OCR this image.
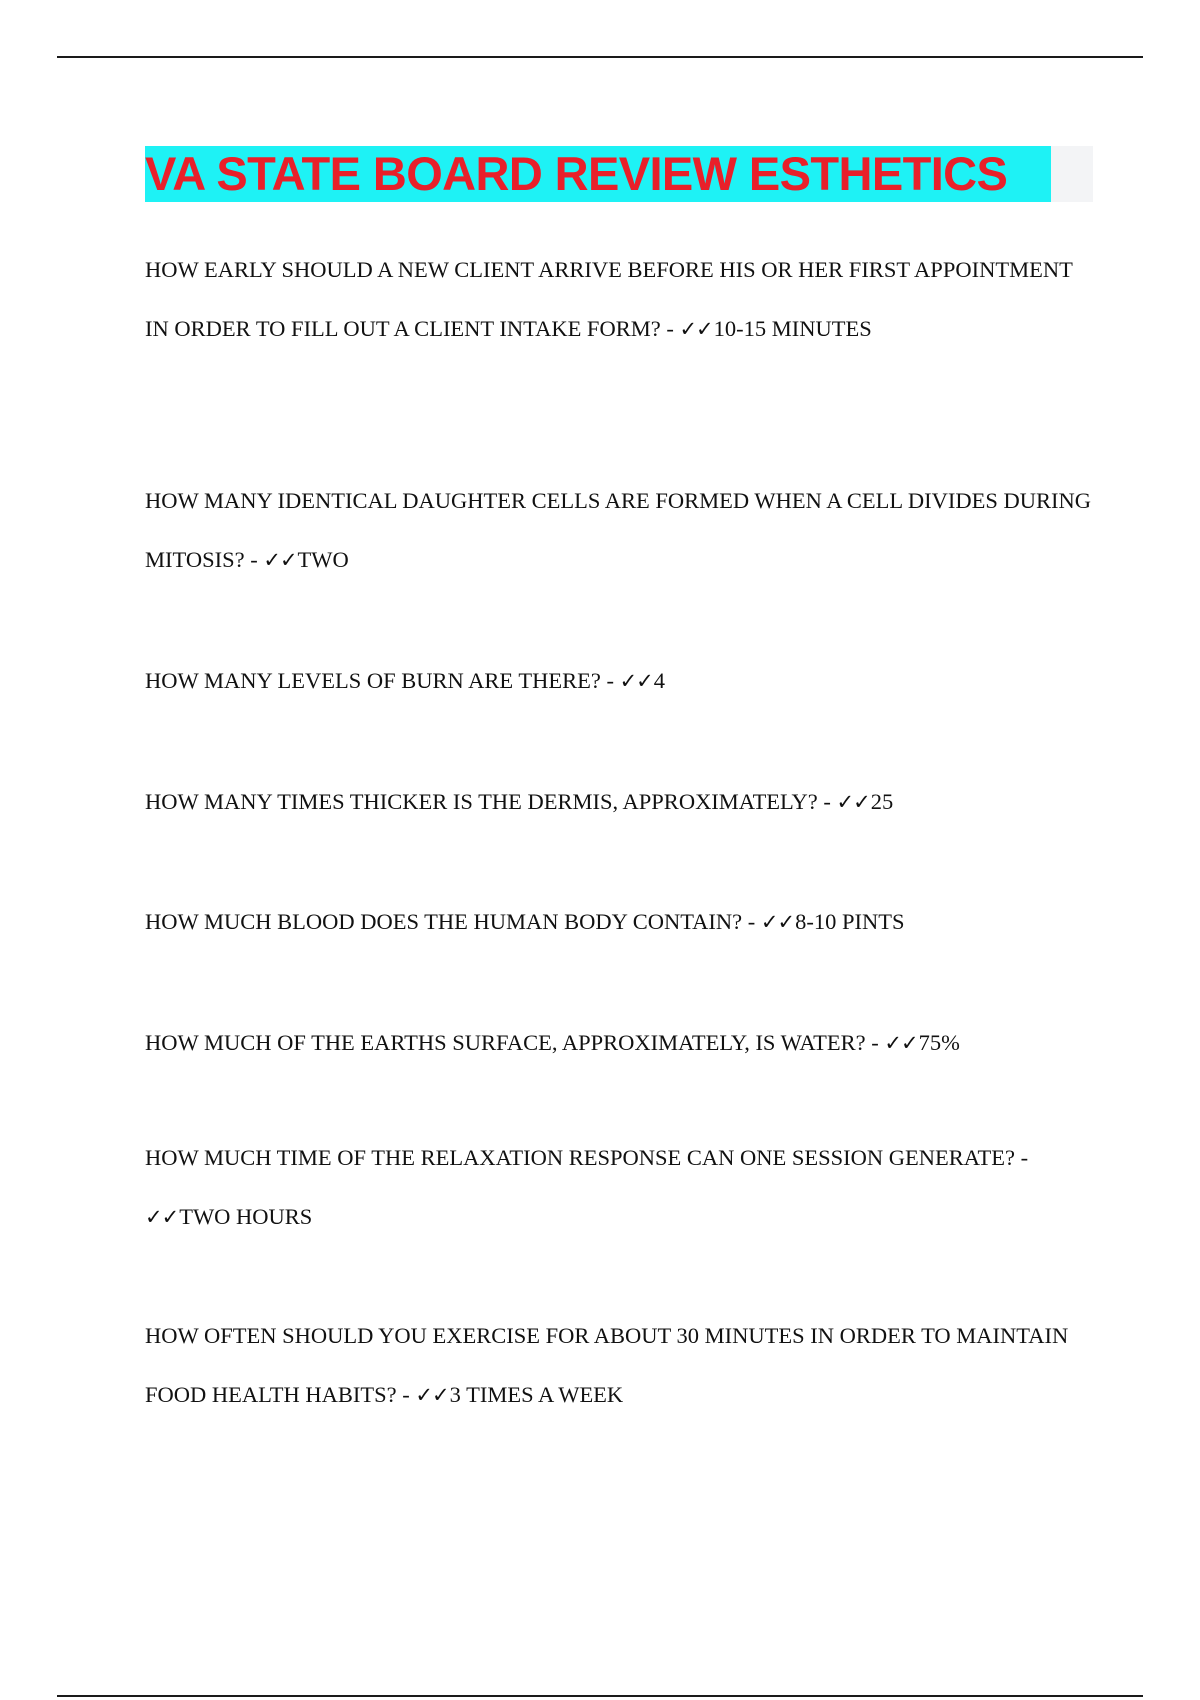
VA STATE BOARD REVIEW ESTHETICS

HOW EARLY SHOULD A NEW CLIENT ARRIVE BEFORE HIS OR HER FIRST APPOINTMENT IN ORDER TO FILL OUT A CLIENT INTAKE FORM? - ✓✓10-15 MINUTES

HOW MANY IDENTICAL DAUGHTER CELLS ARE FORMED WHEN A CELL DIVIDES DURING MITOSIS? - ✓✓TWO

HOW MANY LEVELS OF BURN ARE THERE? - ✓✓4

HOW MANY TIMES THICKER IS THE DERMIS, APPROXIMATELY? - ✓✓25

HOW MUCH BLOOD DOES THE HUMAN BODY CONTAIN? - ✓✓8-10 PINTS

HOW MUCH OF THE EARTHS SURFACE, APPROXIMATELY, IS WATER? - ✓✓75%

HOW MUCH TIME OF THE RELAXATION RESPONSE CAN ONE SESSION GENERATE? - ✓✓TWO HOURS

HOW OFTEN SHOULD YOU EXERCISE FOR ABOUT 30 MINUTES IN ORDER TO MAINTAIN FOOD HEALTH HABITS? - ✓✓3 TIMES A WEEK
